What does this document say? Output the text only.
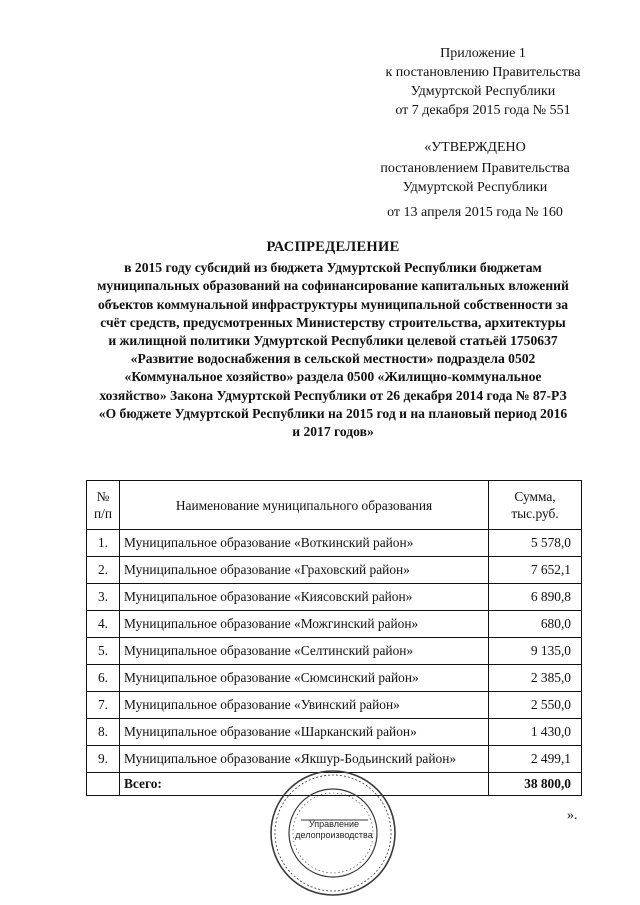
Приложение 1
к постановлению Правительства
Удмуртской Республики
от 7 декабря 2015 года № 551
«УТВЕРЖДЕНО
постановлением Правительства
Удмуртской Республики
от 13 апреля 2015 года № 160
РАСПРЕДЕЛЕНИЕ
в 2015 году субсидий из бюджета Удмуртской Республики бюджетам
муниципальных образований на софинансирование капитальных вложений
объектов коммунальной инфраструктуры муниципальной собственности за
счёт средств, предусмотренных Министерству строительства, архитектуры
и жилищной политики Удмуртской Республики целевой статьёй 1750637
«Развитие водоснабжения в сельской местности» подраздела 0502
«Коммунальное хозяйство» раздела 0500 «Жилищно-коммунальное
хозяйство» Закона Удмуртской Республики от 26 декабря 2014 года № 87-РЗ
«О бюджете Удмуртской Республики на 2015 год и на плановый период 2016
и 2017 годов»
№ п/п	Наименование муниципального образования	Сумма, тыс.руб.
1.	Муниципальное образование «Воткинский район»	5 578,0
2.	Муниципальное образование «Граховский район»	7 652,1
3.	Муниципальное образование «Киясовский район»	6 890,8
4.	Муниципальное образование «Можгинский район»	680,0
5.	Муниципальное образование «Селтинский район»	9 135,0
6.	Муниципальное образование «Сюмсинский район»	2 385,0
7.	Муниципальное образование «Увинский район»	2 550,0
8.	Муниципальное образование «Шарканский район»	1 430,0
9.	Муниципальное образование «Якшур-Бодьинский район»	2 499,1
	Всего:	38 800,0
».
Управление
делопроизводства
